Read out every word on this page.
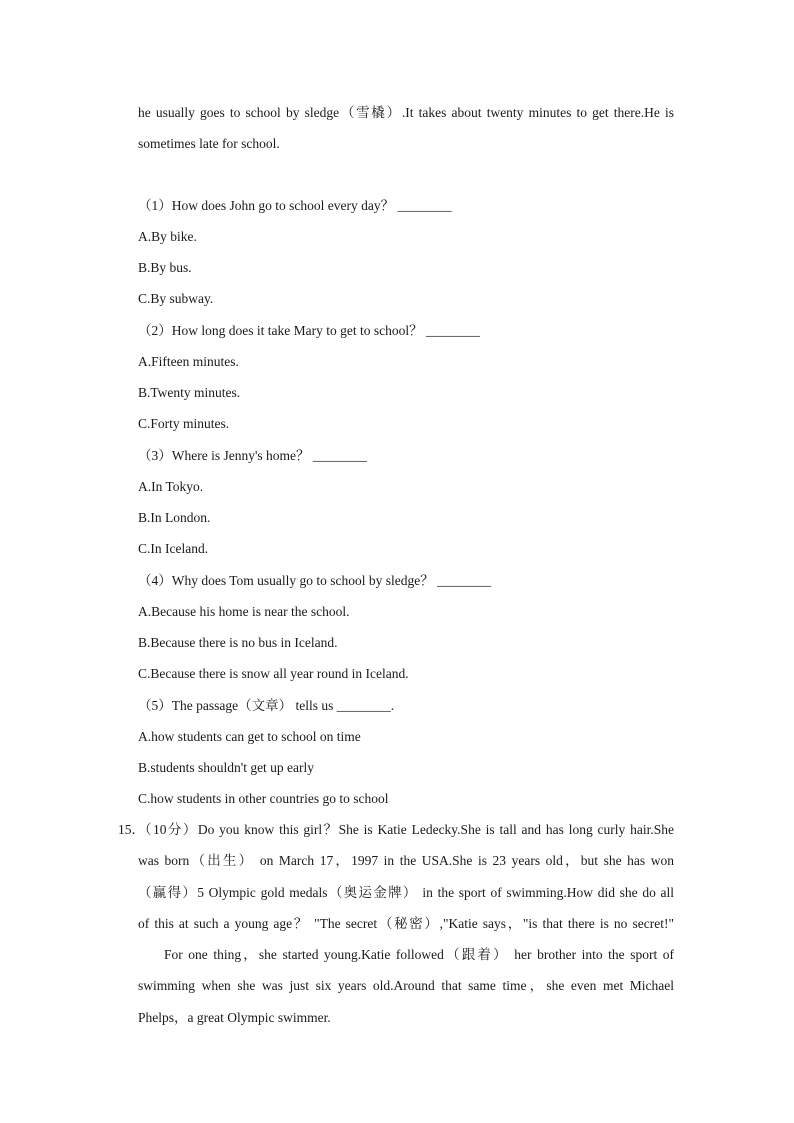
he usually goes to school by sledge（雪橇）.It takes about twenty minutes to get there.He is
sometimes late for school.
（1）How does John go to school every day？ ________
A.By bike.
B.By bus.
C.By subway.
（2）How long does it take Mary to get to school？ ________
A.Fifteen minutes.
B.Twenty minutes.
C.Forty minutes.
（3）Where is Jenny's home？ ________
A.In Tokyo.
B.In London.
C.In Iceland.
（4）Why does Tom usually go to school by sledge？ ________
A.Because his home is near the school.
B.Because there is no bus in Iceland.
C.Because there is snow all year round in Iceland.
（5）The passage（文章） tells us ________.
A.how students can get to school on time
B.students shouldn't get up early
C.how students in other countries go to school
15．
（10分）Do you know this girl？She is Katie Ledecky.She is tall and has long curly hair.She
was born（出生） on March 17，1997 in the USA.She is 23 years old，but she has won
（赢得）5 Olympic gold medals（奥运金牌） in the sport of swimming.How did she do all
of this at such a young age？ "The secret（秘密）,"Katie says，"is that there is no secret!"
For one thing，she started young.Katie followed（跟着） her brother into the sport of
swimming when she was just six years old.Around that same time，she even met Michael
Phelps，a great Olympic swimmer.
